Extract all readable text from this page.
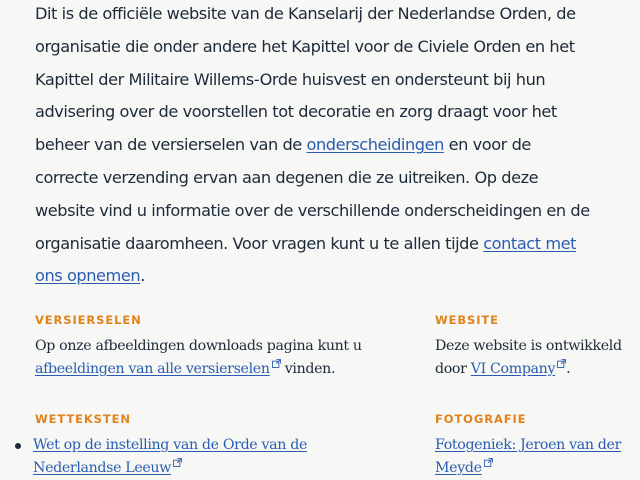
Dit is de officiële website van de Kanselarij der Nederlandse Orden, de organisatie die onder andere het Kapittel voor de Civiele Orden en het Kapittel der Militaire Willems-Orde huisvest en ondersteunt bij hun advisering over de voorstellen tot decoratie en zorg draagt voor het beheer van de versierselen van de onderscheidingen en voor de correcte verzending ervan aan degenen die ze uitreiken. Op deze website vind u informatie over de verschillende onderscheidingen en de organisatie daaromheen. Voor vragen kunt u te allen tijde contact met ons opnemen.

VERSIERSELEN

Op onze afbeeldingen downloads pagina kunt u afbeeldingen van alle versierselen vinden.

WEBSITE

Deze website is ontwikkeld door VI Company .

WETTEKSTEN
Wet op de instelling van de Orde van de Nederlandse Leeuw
FOTOGRAFIE

Fotogeniek: Jeroen van der Meyde
